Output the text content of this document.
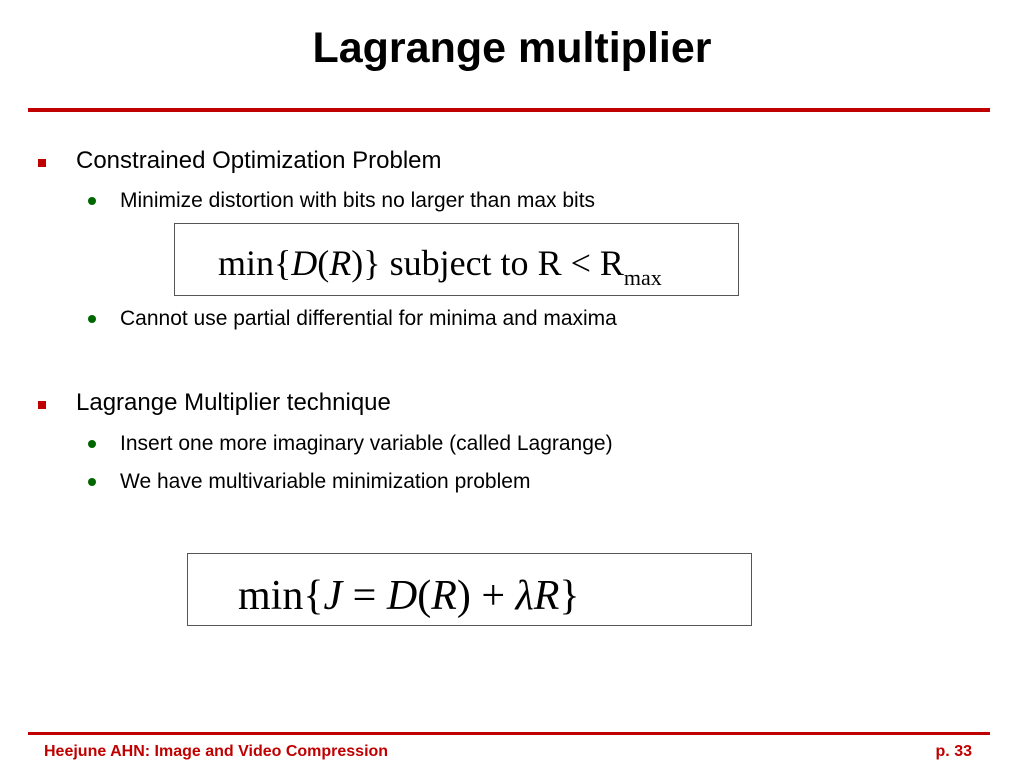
Lagrange multiplier
Constrained Optimization Problem
Minimize distortion with bits no larger than max bits
min{D(R)} subject to $R < R_{max}$
Cannot use partial differential for minima and maxima
Lagrange Multiplier technique
Insert one more imaginary variable (called Lagrange)
We have multivariable minimization problem
min{J = D(R) + λR}
Heejune AHN: Image and Video Compression	p. 33
